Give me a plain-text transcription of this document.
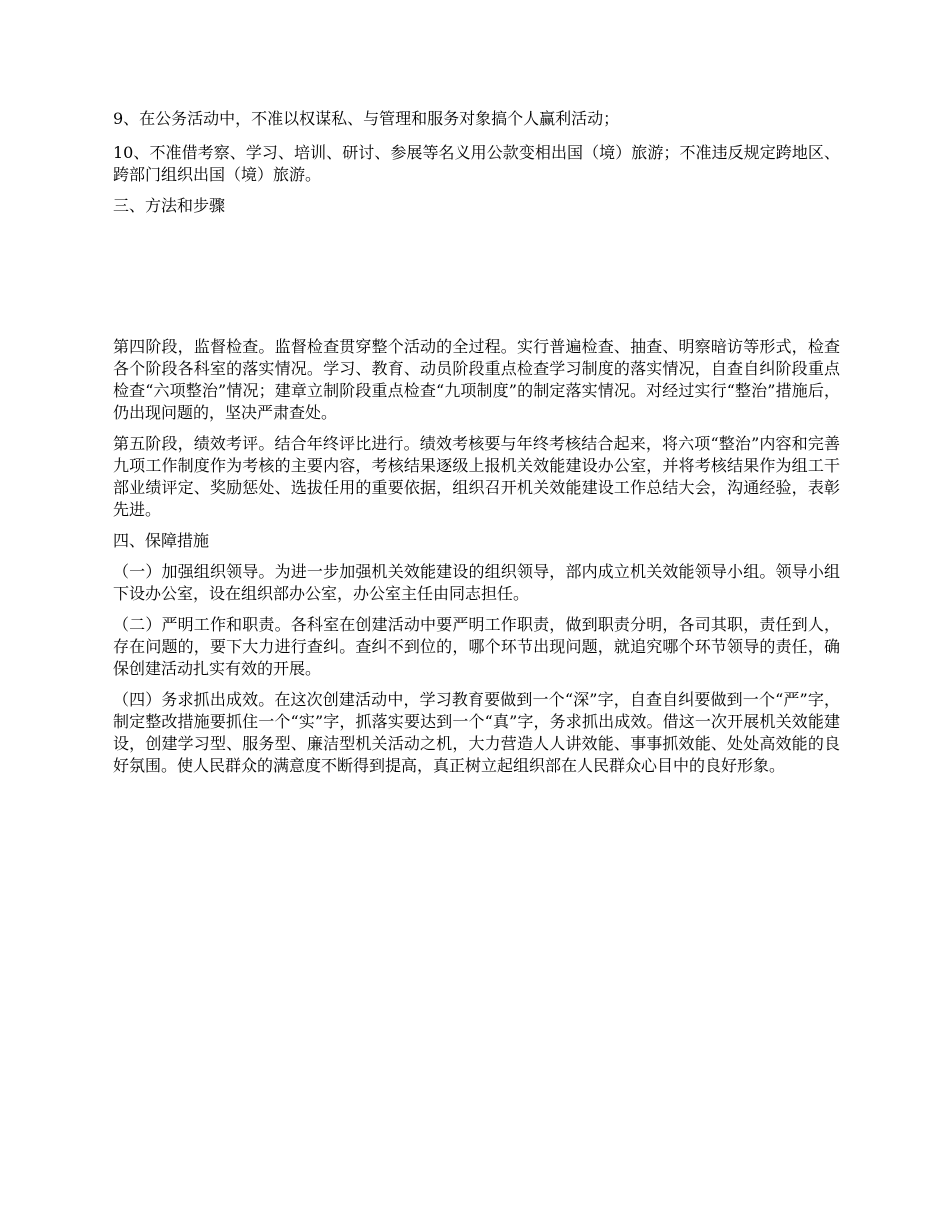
9、在公务活动中，不准以权谋私、与管理和服务对象搞个人赢利活动；

10、不准借考察、学习、培训、研讨、参展等名义用公款变相出国（境）旅游；不准违反规定跨地区、跨部门组织出国（境）旅游。

三、方法和步骤

第四阶段，监督检查。监督检查贯穿整个活动的全过程。实行普遍检查、抽查、明察暗访等形式，检查各个阶段各科室的落实情况。学习、教育、动员阶段重点检查学习制度的落实情况，自查自纠阶段重点检查“六项整治”情况；建章立制阶段重点检查“九项制度”的制定落实情况。对经过实行“整治”措施后，仍出现问题的，坚决严肃查处。

第五阶段，绩效考评。结合年终评比进行。绩效考核要与年终考核结合起来，将六项“整治”内容和完善九项工作制度作为考核的主要内容，考核结果逐级上报机关效能建设办公室，并将考核结果作为组工干部业绩评定、奖励惩处、选拔任用的重要依据，组织召开机关效能建设工作总结大会，沟通经验，表彰先进。

四、保障措施

（一）加强组织领导。为进一步加强机关效能建设的组织领导，部内成立机关效能领导小组。领导小组下设办公室，设在组织部办公室，办公室主任由同志担任。

（二）严明工作和职责。各科室在创建活动中要严明工作职责，做到职责分明，各司其职，责任到人，存在问题的，要下大力进行查纠。查纠不到位的，哪个环节出现问题，就追究哪个环节领导的责任，确保创建活动扎实有效的开展。

（四）务求抓出成效。在这次创建活动中，学习教育要做到一个“深”字，自查自纠要做到一个“严”字，制定整改措施要抓住一个“实”字，抓落实要达到一个“真”字，务求抓出成效。借这一次开展机关效能建设，创建学习型、服务型、廉洁型机关活动之机，大力营造人人讲效能、事事抓效能、处处高效能的良好氛围。使人民群众的满意度不断得到提高，真正树立起组织部在人民群众心目中的良好形象。
